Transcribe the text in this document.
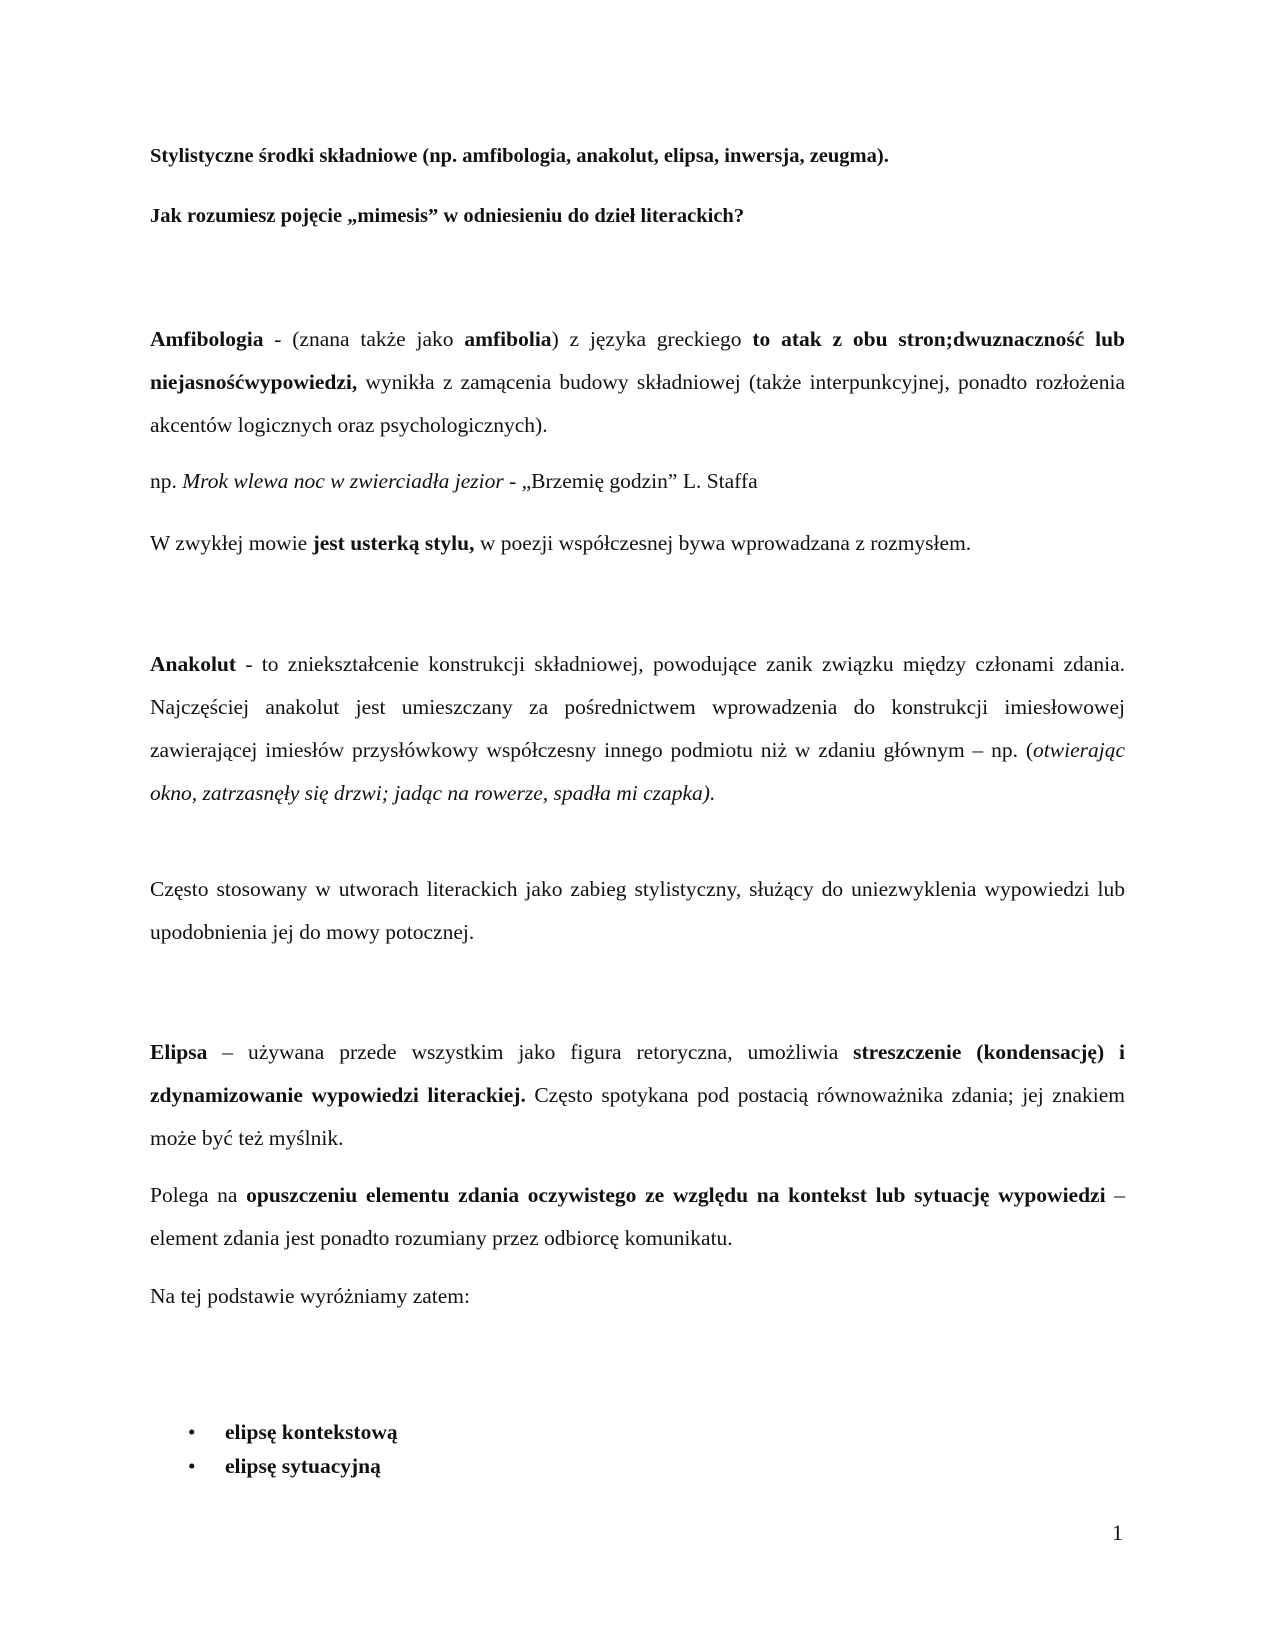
Stylistyczne środki składniowe (np. amfibologia, anakolut, elipsa, inwersja, zeugma).

Jak rozumiesz pojęcie „mimesis” w odniesieniu do dzieł literackich?

Amfibologia - (znana także jako amfibolia) z języka greckiego to atak z obu stron;dwuznaczność lub niejasnośćwypowiedzi, wynikła z zamącenia budowy składniowej (także interpunkcyjnej, ponadto rozłożenia akcentów logicznych oraz psychologicznych).

np. Mrok wlewa noc w zwierciadła jezior - „Brzemię godzin” L. Staffa

W zwykłej mowie jest usterką stylu, w poezji współczesnej bywa wprowadzana z rozmysłem.

Anakolut - to zniekształcenie konstrukcji składniowej, powodujące zanik związku między członami zdania. Najczęściej anakolut jest umieszczany za pośrednictwem wprowadzenia do konstrukcji imiesłowowej zawierającej imiesłów przysłówkowy współczesny innego podmiotu niż w zdaniu głównym – np. (otwierając okno, zatrzasnęły się drzwi; jadąc na rowerze, spadła mi czapka).

Często stosowany w utworach literackich jako zabieg stylistyczny, służący do uniezwyklenia wypowiedzi lub upodobnienia jej do mowy potocznej.

Elipsa – używana przede wszystkim jako figura retoryczna, umożliwia streszczenie (kondensację) i zdynamizowanie wypowiedzi literackiej. Często spotykana pod postacią równoważnika zdania; jej znakiem może być też myślnik.

Polega na opuszczeniu elementu zdania oczywistego ze względu na kontekst lub sytuację wypowiedzi – element zdania jest ponadto rozumiany przez odbiorcę komunikatu.

Na tej podstawie wyróżniamy zatem:

• elipsę kontekstową
• elipsę sytuacyjną
1
